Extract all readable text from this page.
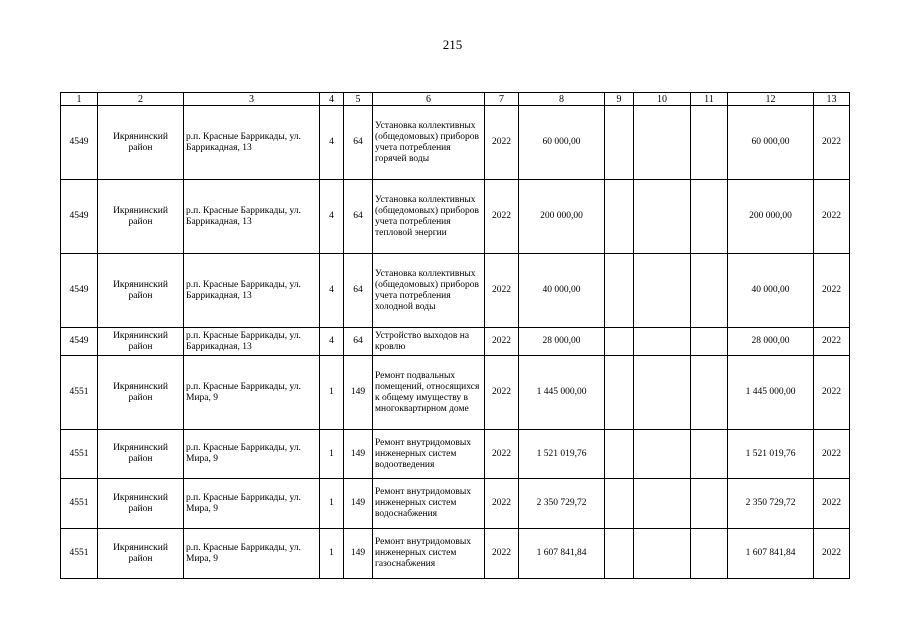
215
1	2	3	4	5	6	7	8	9	10	11	12	13
4549	Икрянинский район	р.п. Красные Баррикады, ул. Баррикадная, 13	4	64	Установка коллективных (общедомовых) приборов учета потребления горячей воды	2022	60 000,00				60 000,00	2022
4549	Икрянинский район	р.п. Красные Баррикады, ул. Баррикадная, 13	4	64	Установка коллективных (общедомовых) приборов учета потребления тепловой энергии	2022	200 000,00				200 000,00	2022
4549	Икрянинский район	р.п. Красные Баррикады, ул. Баррикадная, 13	4	64	Установка коллективных (общедомовых) приборов учета потребления холодной воды	2022	40 000,00				40 000,00	2022
4549	Икрянинский район	р.п. Красные Баррикады, ул. Баррикадная, 13	4	64	Устройство выходов на кровлю	2022	28 000,00				28 000,00	2022
4551	Икрянинский район	р.п. Красные Баррикады, ул. Мира, 9	1	149	Ремонт подвальных помещений, относящихся к общему имуществу в многоквартирном доме	2022	1 445 000,00				1 445 000,00	2022
4551	Икрянинский район	р.п. Красные Баррикады, ул. Мира, 9	1	149	Ремонт внутридомовых инженерных систем водоотведения	2022	1 521 019,76				1 521 019,76	2022
4551	Икрянинский район	р.п. Красные Баррикады, ул. Мира, 9	1	149	Ремонт внутридомовых инженерных систем водоснабжения	2022	2 350 729,72				2 350 729,72	2022
4551	Икрянинский район	р.п. Красные Баррикады, ул. Мира, 9	1	149	Ремонт внутридомовых инженерных систем газоснабжения	2022	1 607 841,84				1 607 841,84	2022
